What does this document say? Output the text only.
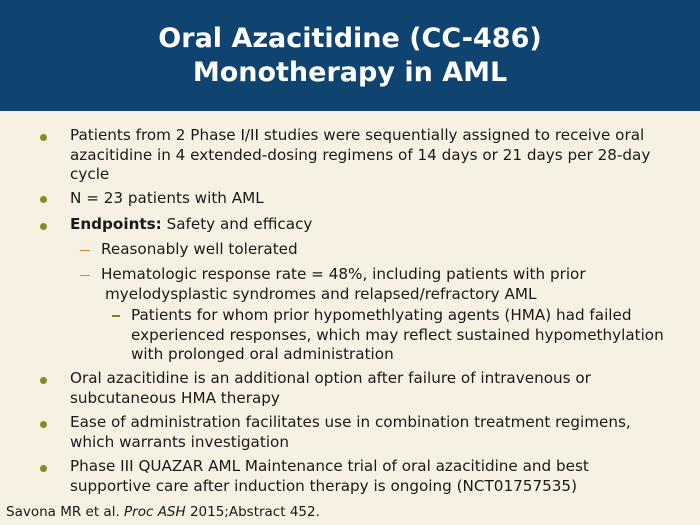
Oral Azacitidine (CC-486)
Monotherapy in AML
Patients from 2 Phase I/II studies were sequentially assigned to receive oral azacitidine in 4 extended-dosing regimens of 14 days or 21 days per 28-day cycle
N = 23 patients with AML
Endpoints: Safety and efficacy
Reasonably well tolerated
Hematologic response rate = 48%, including patients with prior
myelodysplastic syndromes and relapsed/refractory AML
Patients for whom prior hypomethlyating agents (HMA) had failed experienced responses, which may reflect sustained hypomethylation with prolonged oral administration
Oral azacitidine is an additional option after failure of intravenous or subcutaneous HMA therapy
Ease of administration facilitates use in combination treatment regimens, which warrants investigation
Phase III QUAZAR AML Maintenance trial of oral azacitidine and best supportive care after induction therapy is ongoing (NCT01757535)
Savona MR et al. Proc ASH 2015;Abstract 452.
